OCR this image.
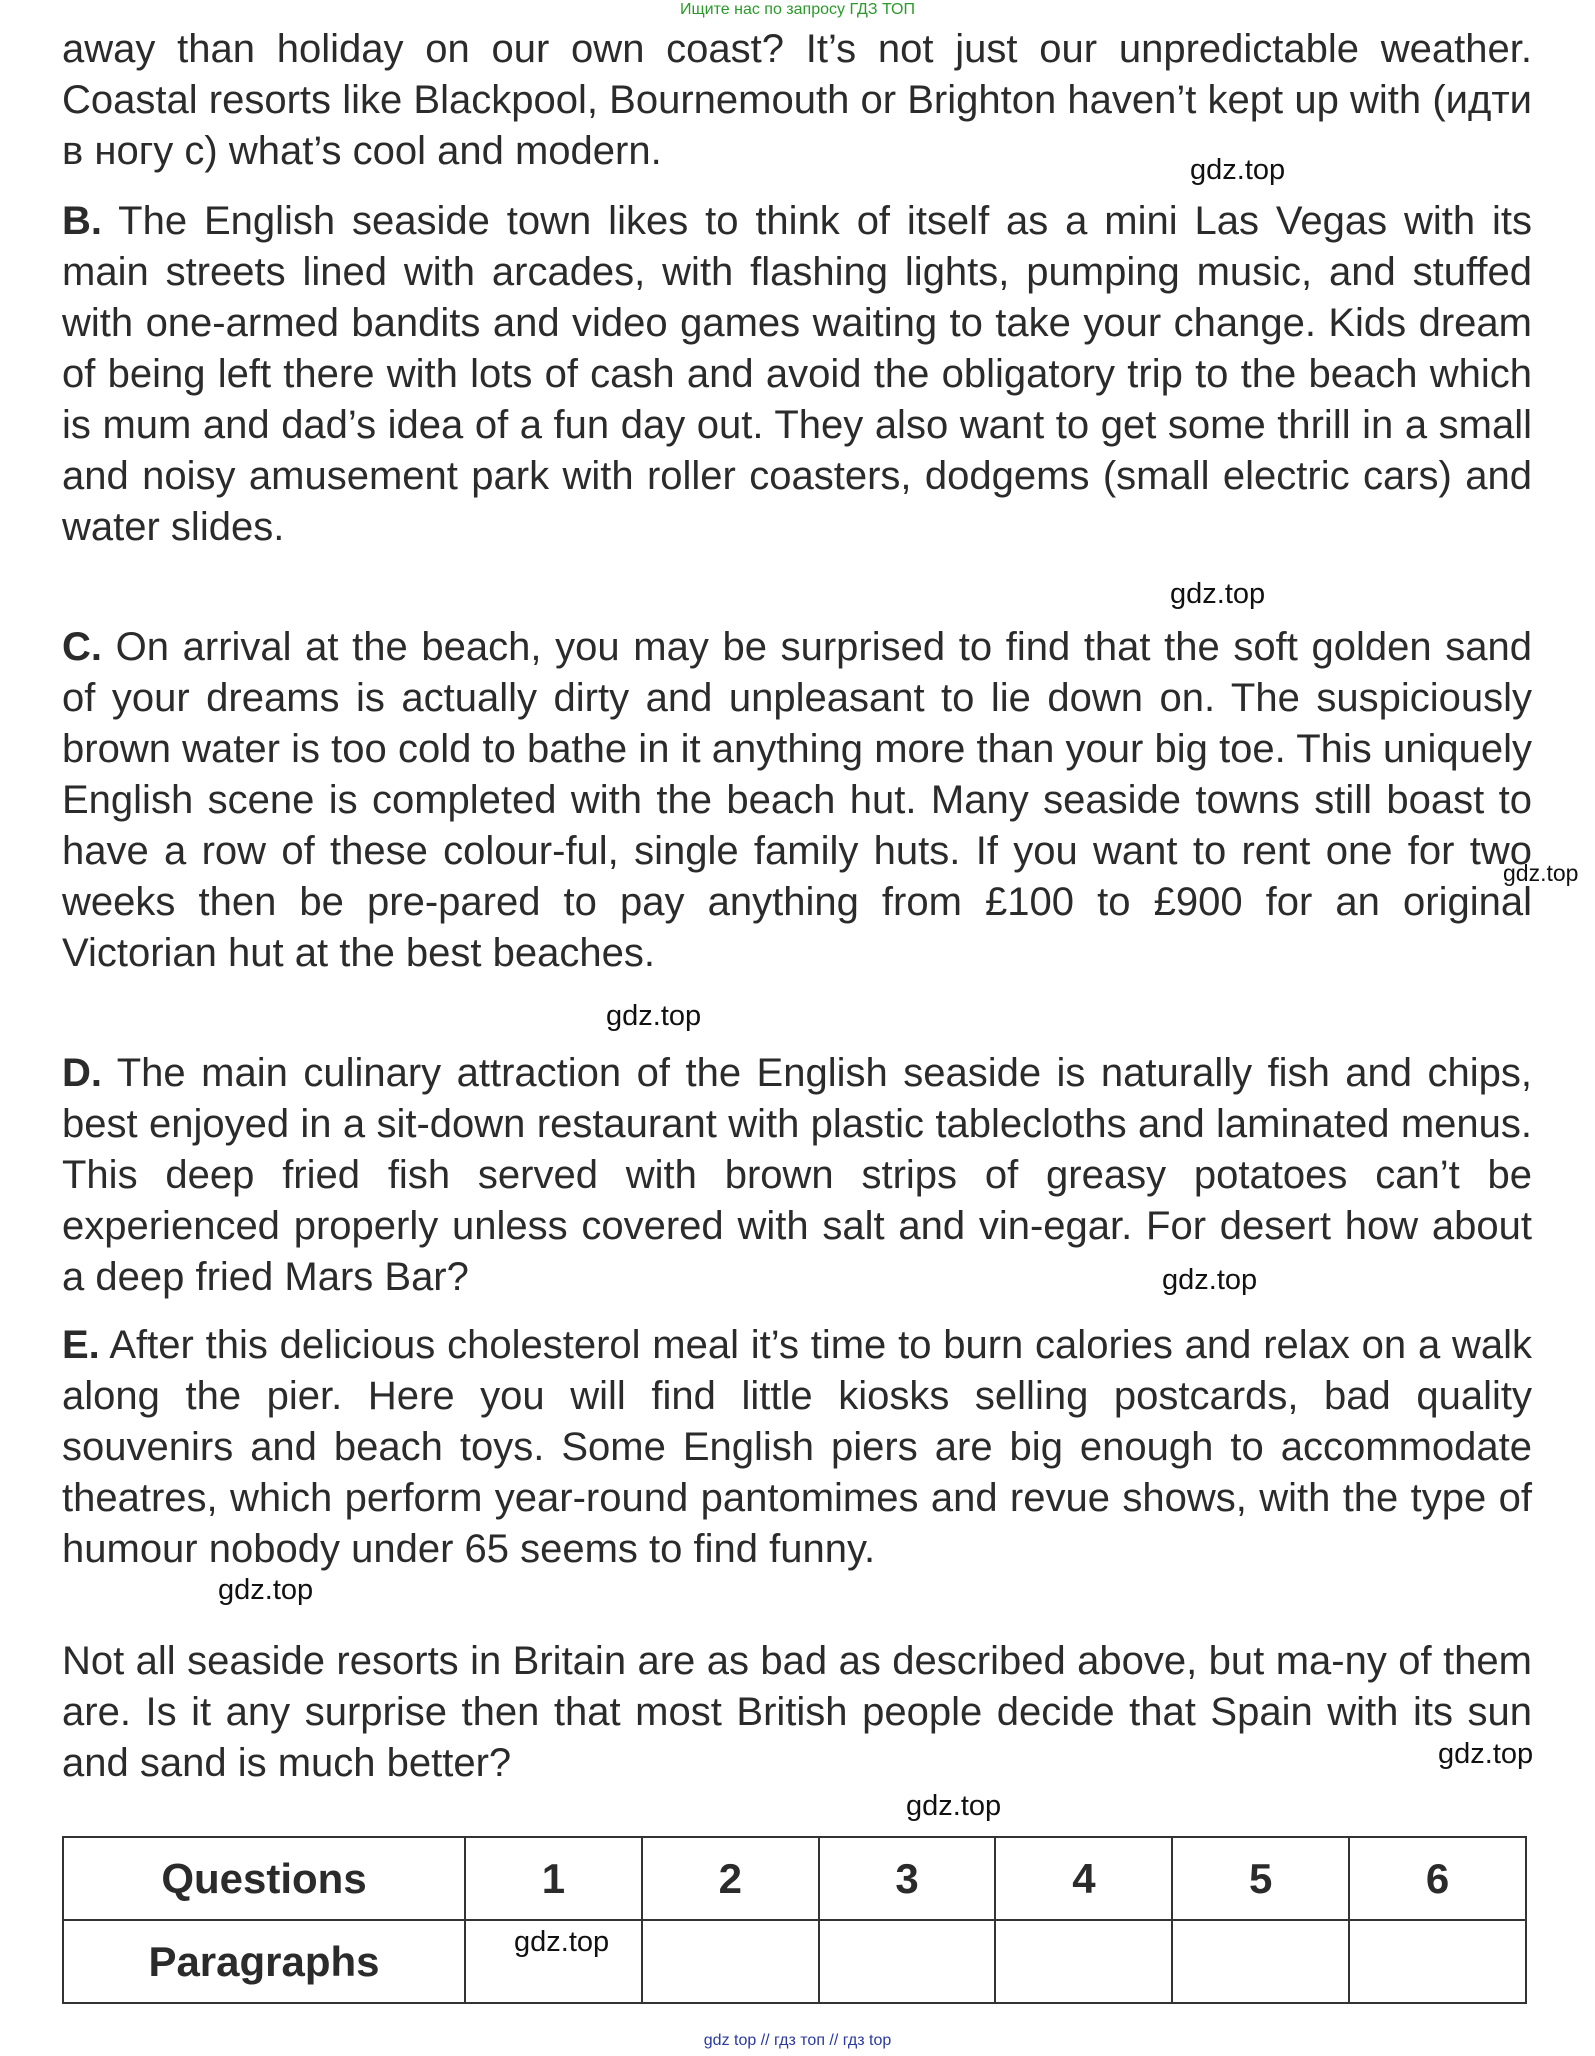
Ищите нас по запросу ГДЗ ТОП

away than holiday on our own coast? It’s not just our unpredictable weather. Coastal resorts like Blackpool, Bournemouth or Brighton haven’t kept up with (идти в ногу с) what’s cool and modern.	gdz.top

B. The English seaside town likes to think of itself as a mini Las Vegas with its main streets lined with arcades, with flashing lights, pumping music, and stuffed with one-armed bandits and video games waiting to take your change. Kids dream of being left there with lots of cash and avoid the obligatory trip to the beach which is mum and dad’s idea of a fun day out. They also want to get some thrill in a small and noisy amusement park with roller coasters, dodgems (small electric cars) and water slides.

gdz.top

C. On arrival at the beach, you may be surprised to find that the soft golden sand of your dreams is actually dirty and unpleasant to lie down on. The suspiciously brown water is too cold to bathe in it anything more than your big toe. This uniquely English scene is completed with the beach hut. Many seaside towns still boast to have a row of these colour-ful, single family huts. If you want to rent one for two weeks then be pre-pared to pay anything from £100 to £900 for an original Victorian hut at the best beaches.

gdz.top
gdz.top

D. The main culinary attraction of the English seaside is naturally fish and chips, best enjoyed in a sit-down restaurant with plastic tablecloths and laminated menus. This deep fried fish served with brown strips of greasy potatoes can’t be experienced properly unless covered with salt and vin-egar. For desert how about a deep fried Mars Bar?	gdz.top

E. After this delicious cholesterol meal it’s time to burn calories and relax on a walk along the pier. Here you will find little kiosks selling postcards, bad quality souvenirs and beach toys. Some English piers are big enough to accommodate theatres, which perform year-round pantomimes and revue shows, with the type of humour nobody under 65 seems to find funny.

gdz.top

Not all seaside resorts in Britain are as bad as described above, but ma-ny of them are. Is it any surprise then that most British people decide that Spain with its sun and sand is much better?	gdz.top
gdz.top
Questions	1	2	3	4	5	6
Paragraphs							gdz.top
gdz top // гдз топ // гдз top
